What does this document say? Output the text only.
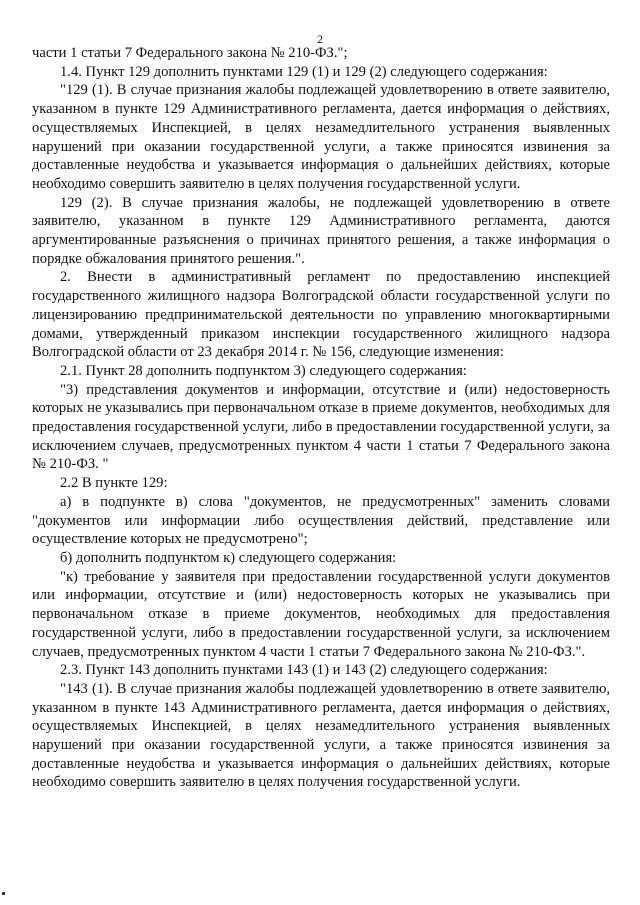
2

части 1 статьи 7 Федерального закона № 210-ФЗ.";

1.4. Пункт 129 дополнить пунктами 129 (1) и 129 (2) следующего содержания:

"129 (1). В случае признания жалобы подлежащей удовлетворению в ответе заявителю, указанном в пункте 129 Административного регламента, дается информация о действиях, осуществляемых Инспекцией, в целях незамедлительного устранения выявленных нарушений при оказании государственной услуги, а также приносятся извинения за доставленные неудобства и указывается информация о дальнейших действиях, которые необходимо совершить заявителю в целях получения государственной услуги.

129 (2). В случае признания жалобы, не подлежащей удовлетворению в ответе заявителю, указанном в пункте 129 Административного регламента, даются аргументированные разъяснения о причинах принятого решения, а также информация о порядке обжалования принятого решения.".

2. Внести в административный регламент по предоставлению инспекцией государственного жилищного надзора Волгоградской области государственной услуги по лицензированию предпринимательской деятельности по управлению многоквартирными домами, утвержденный приказом инспекции государственного жилищного надзора Волгоградской области от 23 декабря 2014 г. № 156, следующие изменения:

2.1. Пункт 28 дополнить подпунктом 3) следующего содержания:

"3) представления документов и информации, отсутствие и (или) недостоверность которых не указывались при первоначальном отказе в приеме документов, необходимых для предоставления государственной услуги, либо в предоставлении государственной услуги, за исключением случаев, предусмотренных пунктом 4 части 1 статьи 7 Федерального закона № 210-ФЗ. "

2.2 В пункте 129:

а) в подпункте в) слова "документов, не предусмотренных" заменить словами "документов или информации либо осуществления действий, представление или осуществление которых не предусмотрено";

б) дополнить подпунктом к) следующего содержания:

"к) требование у заявителя при предоставлении государственной услуги документов или информации, отсутствие и (или) недостоверность которых не указывались при первоначальном отказе в приеме документов, необходимых для предоставления государственной услуги, либо в предоставлении государственной услуги, за исключением случаев, предусмотренных пунктом 4 части 1 статьи 7 Федерального закона № 210-ФЗ.".

2.3. Пункт 143 дополнить пунктами 143 (1) и 143 (2) следующего содержания:

"143 (1). В случае признания жалобы подлежащей удовлетворению в ответе заявителю, указанном в пункте 143 Административного регламента, дается информация о действиях, осуществляемых Инспекцией, в целях незамедлительного устранения выявленных нарушений при оказании государственной услуги, а также приносятся извинения за доставленные неудобства и указывается информация о дальнейших действиях, которые необходимо совершить заявителю в целях получения государственной услуги.
